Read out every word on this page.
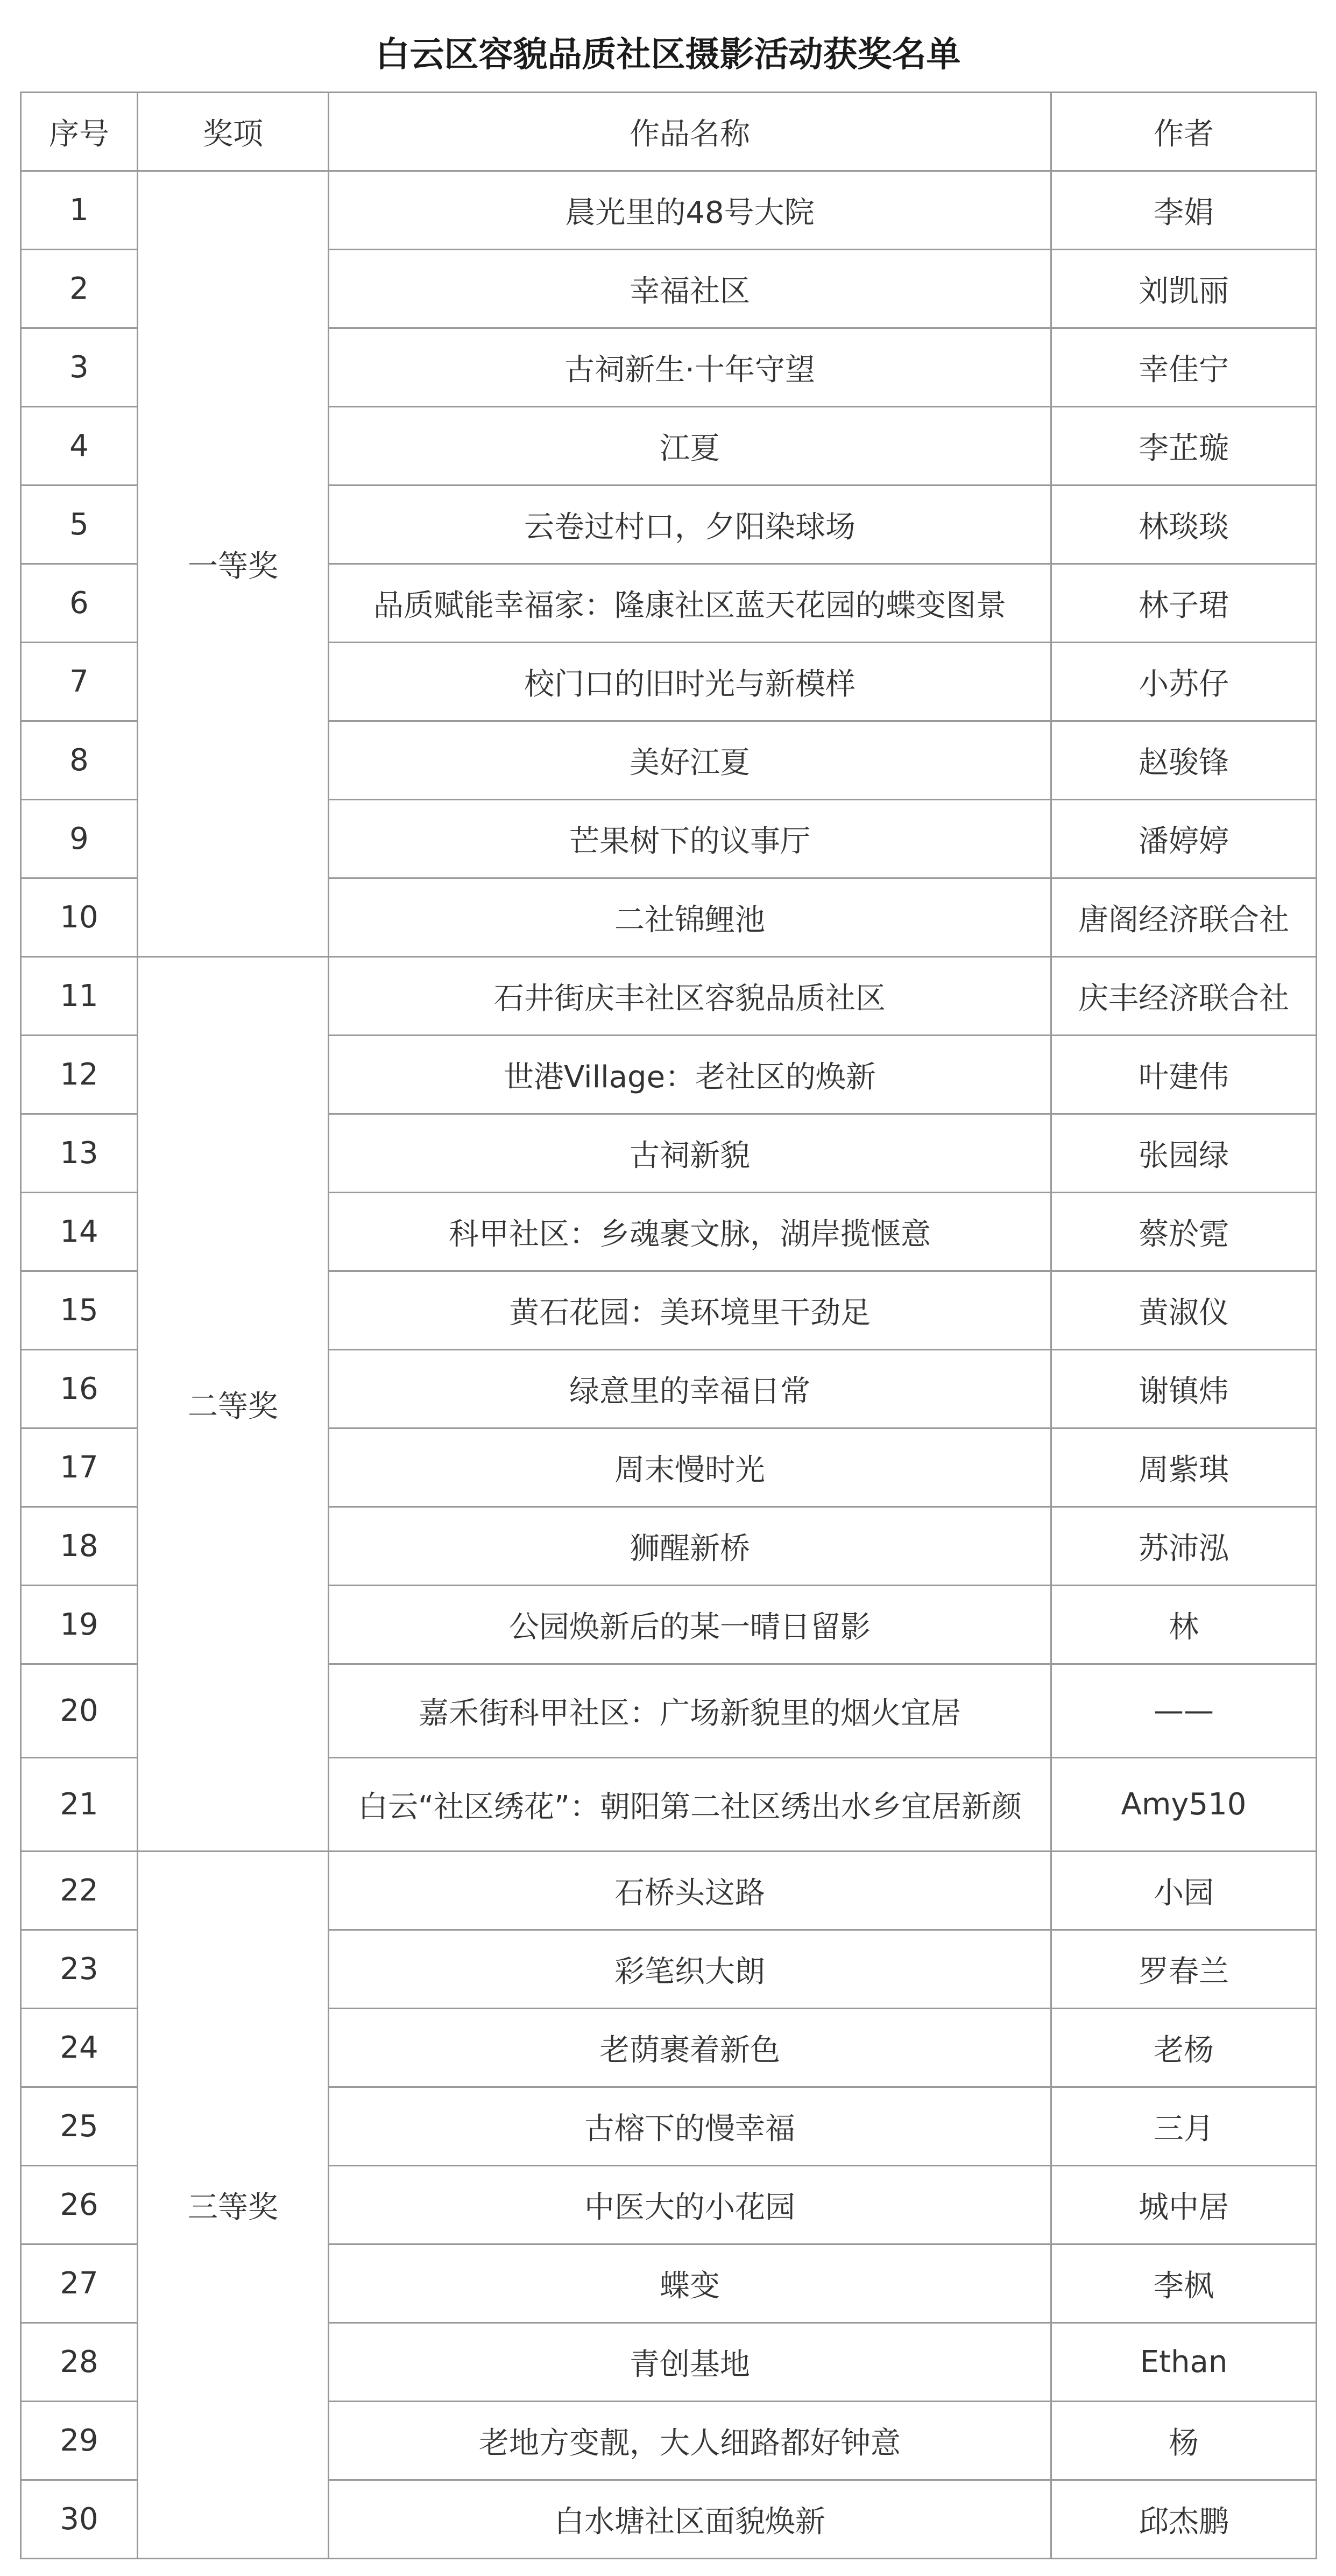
白云区容貌品质社区摄影活动获奖名单
序号	奖项	作品名称	作者
1	一等奖	晨光里的48号大院	李娟
2		幸福社区	刘凯丽
3		古祠新生·十年守望	幸佳宁
4		江夏	李芷璇
5		云卷过村口，夕阳染球场	林琰琰
6		品质赋能幸福家：隆康社区蓝天花园的蝶变图景	林子珺
7		校门口的旧时光与新模样	小苏仔
8		美好江夏	赵骏锋
9		芒果树下的议事厅	潘婷婷
10		二社锦鲤池	唐阁经济联合社
11	二等奖	石井街庆丰社区容貌品质社区	庆丰经济联合社
12		世港Village：老社区的焕新	叶建伟
13		古祠新貌	张园绿
14		科甲社区：乡魂裹文脉，湖岸揽惬意	蔡於霓
15		黄石花园：美环境里干劲足	黄淑仪
16		绿意里的幸福日常	谢镇炜
17		周末慢时光	周紫琪
18		狮醒新桥	苏沛泓
19		公园焕新后的某一晴日留影	林
20		嘉禾街科甲社区：广场新貌里的烟火宜居	——
21		白云“社区绣花”：朝阳第二社区绣出水乡宜居新颜	Amy510
22	三等奖	石桥头这路	小园
23		彩笔织大朗	罗春兰
24		老荫裹着新色	老杨
25		古榕下的慢幸福	三月
26		中医大的小花园	城中居
27		蝶变	李枫
28		青创基地	Ethan
29		老地方变靓，大人细路都好钟意	杨
30		白水塘社区面貌焕新	邱杰鹏
